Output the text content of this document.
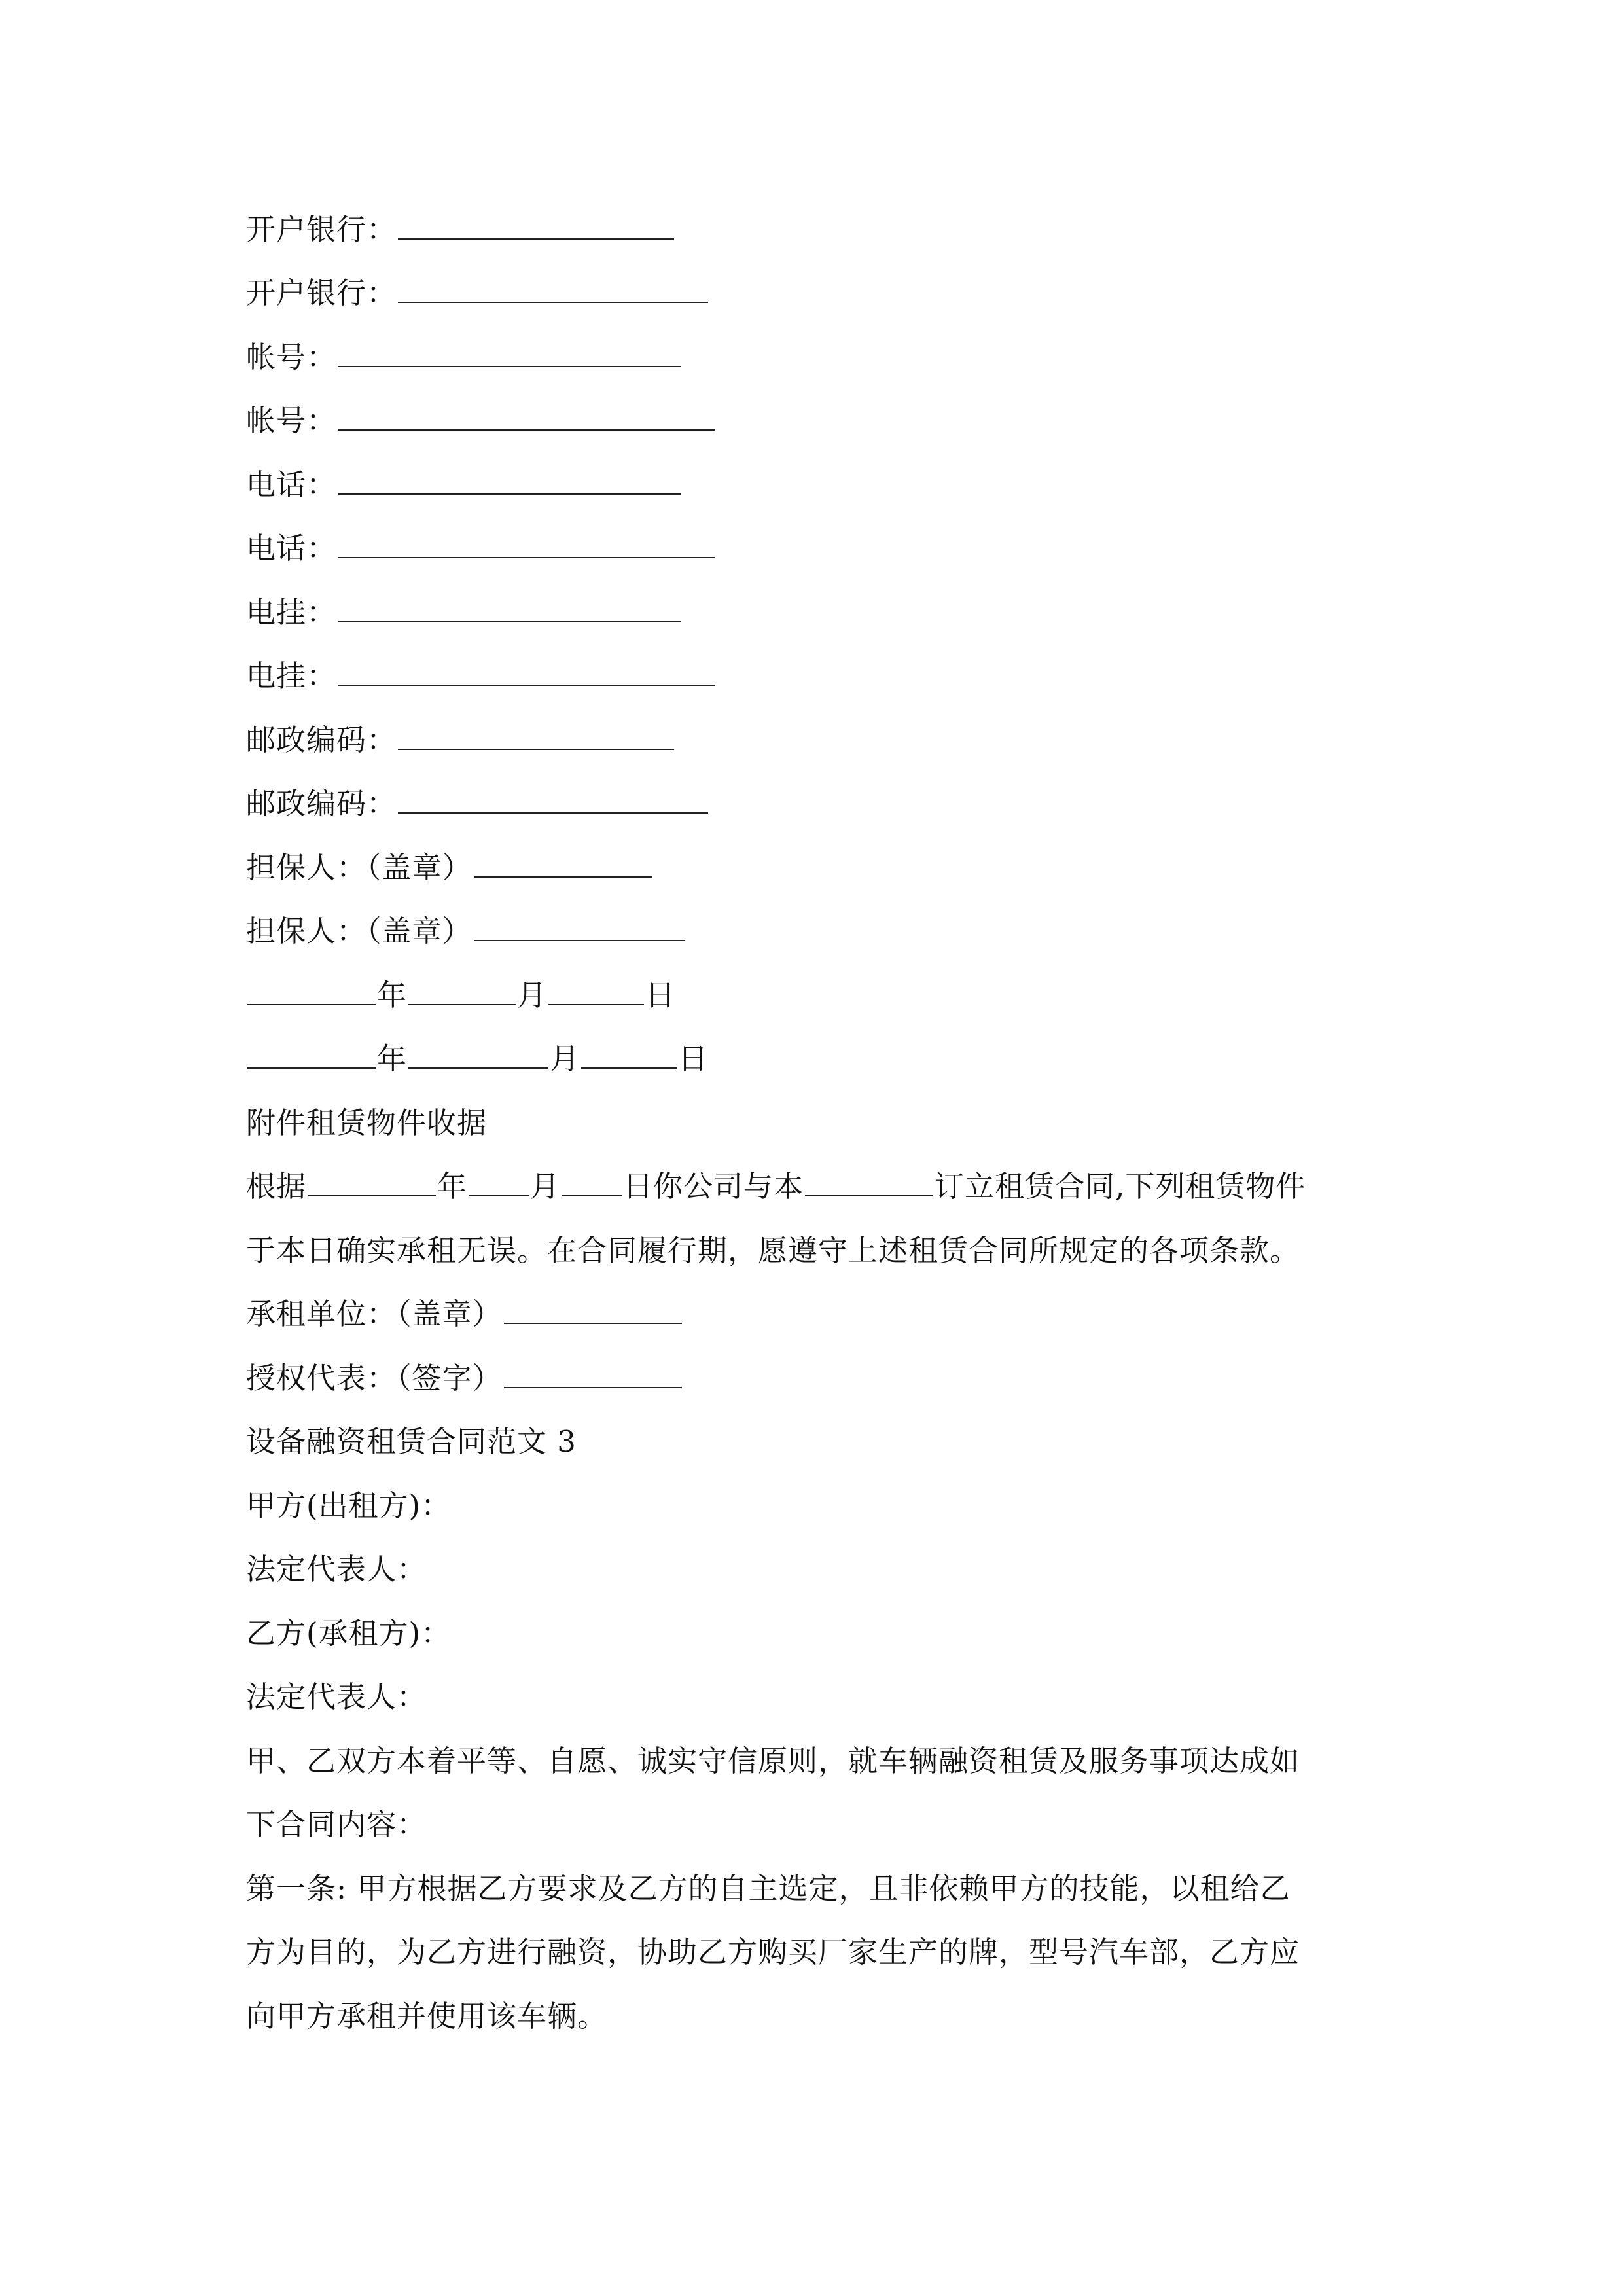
开户银行：
开户银行：
帐号：
帐号：
电话：
电话：
电挂：
电挂：
邮政编码：
邮政编码：
担保人：（盖章）
担保人：（盖章）
年	月	日
年	月	日
附件租赁物件收据
根据	年 月 日你公司与本	订立租赁合同,下列租赁物件
于本日确实承租无误。在合同履行期，愿遵守上述租赁合同所规定的各项条款。
承租单位：（盖章）
授权代表：（签字）
设备融资租赁合同范文 3
甲方(出租方)：
法定代表人：
乙方(承租方)：
法定代表人：
甲、乙双方本着平等、自愿、诚实守信原则，就车辆融资租赁及服务事项达成如
下合同内容：
第一条: 甲方根据乙方要求及乙方的自主选定，且非依赖甲方的技能，以租给乙
方为目的，为乙方进行融资，协助乙方购买厂家生产的牌，型号汽车部，乙方应
向甲方承租并使用该车辆。
